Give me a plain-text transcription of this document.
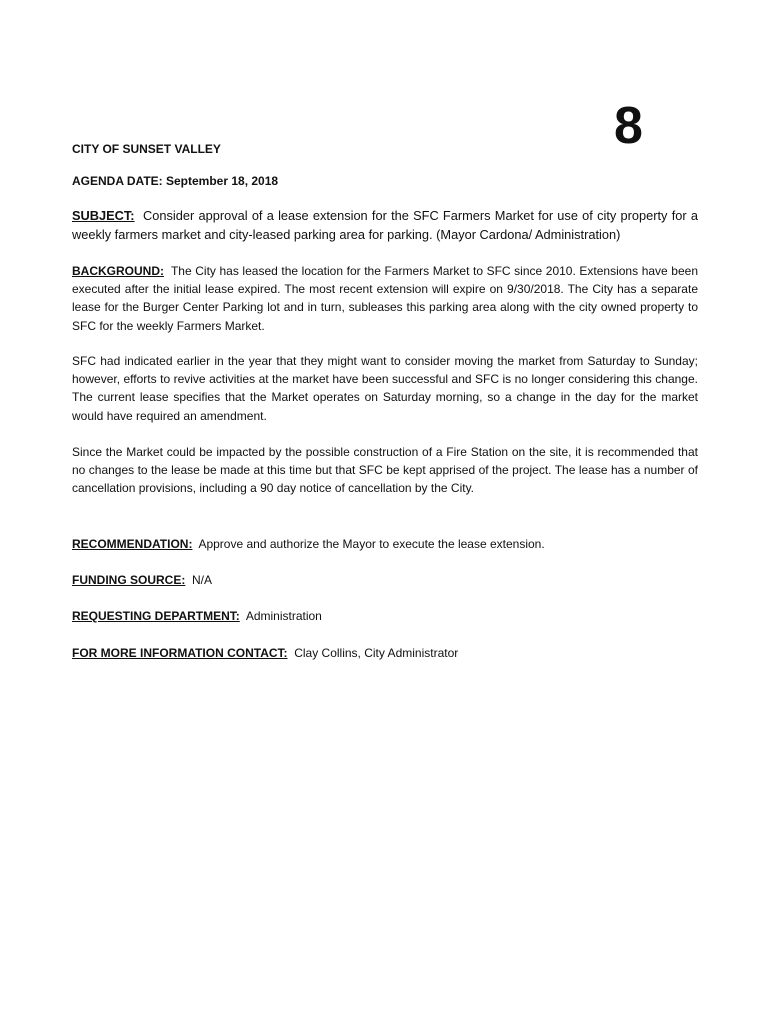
8
CITY OF SUNSET VALLEY
AGENDA DATE: September 18, 2018
SUBJECT: Consider approval of a lease extension for the SFC Farmers Market for use of city property for a weekly farmers market and city-leased parking area for parking. (Mayor Cardona/ Administration)
BACKGROUND: The City has leased the location for the Farmers Market to SFC since 2010. Extensions have been executed after the initial lease expired. The most recent extension will expire on 9/30/2018. The City has a separate lease for the Burger Center Parking lot and in turn, subleases this parking area along with the city owned property to SFC for the weekly Farmers Market.
SFC had indicated earlier in the year that they might want to consider moving the market from Saturday to Sunday; however, efforts to revive activities at the market have been successful and SFC is no longer considering this change. The current lease specifies that the Market operates on Saturday morning, so a change in the day for the market would have required an amendment.
Since the Market could be impacted by the possible construction of a Fire Station on the site, it is recommended that no changes to the lease be made at this time but that SFC be kept apprised of the project. The lease has a number of cancellation provisions, including a 90 day notice of cancellation by the City.
RECOMMENDATION: Approve and authorize the Mayor to execute the lease extension.
FUNDING SOURCE: N/A
REQUESTING DEPARTMENT: Administration
FOR MORE INFORMATION CONTACT: Clay Collins, City Administrator
